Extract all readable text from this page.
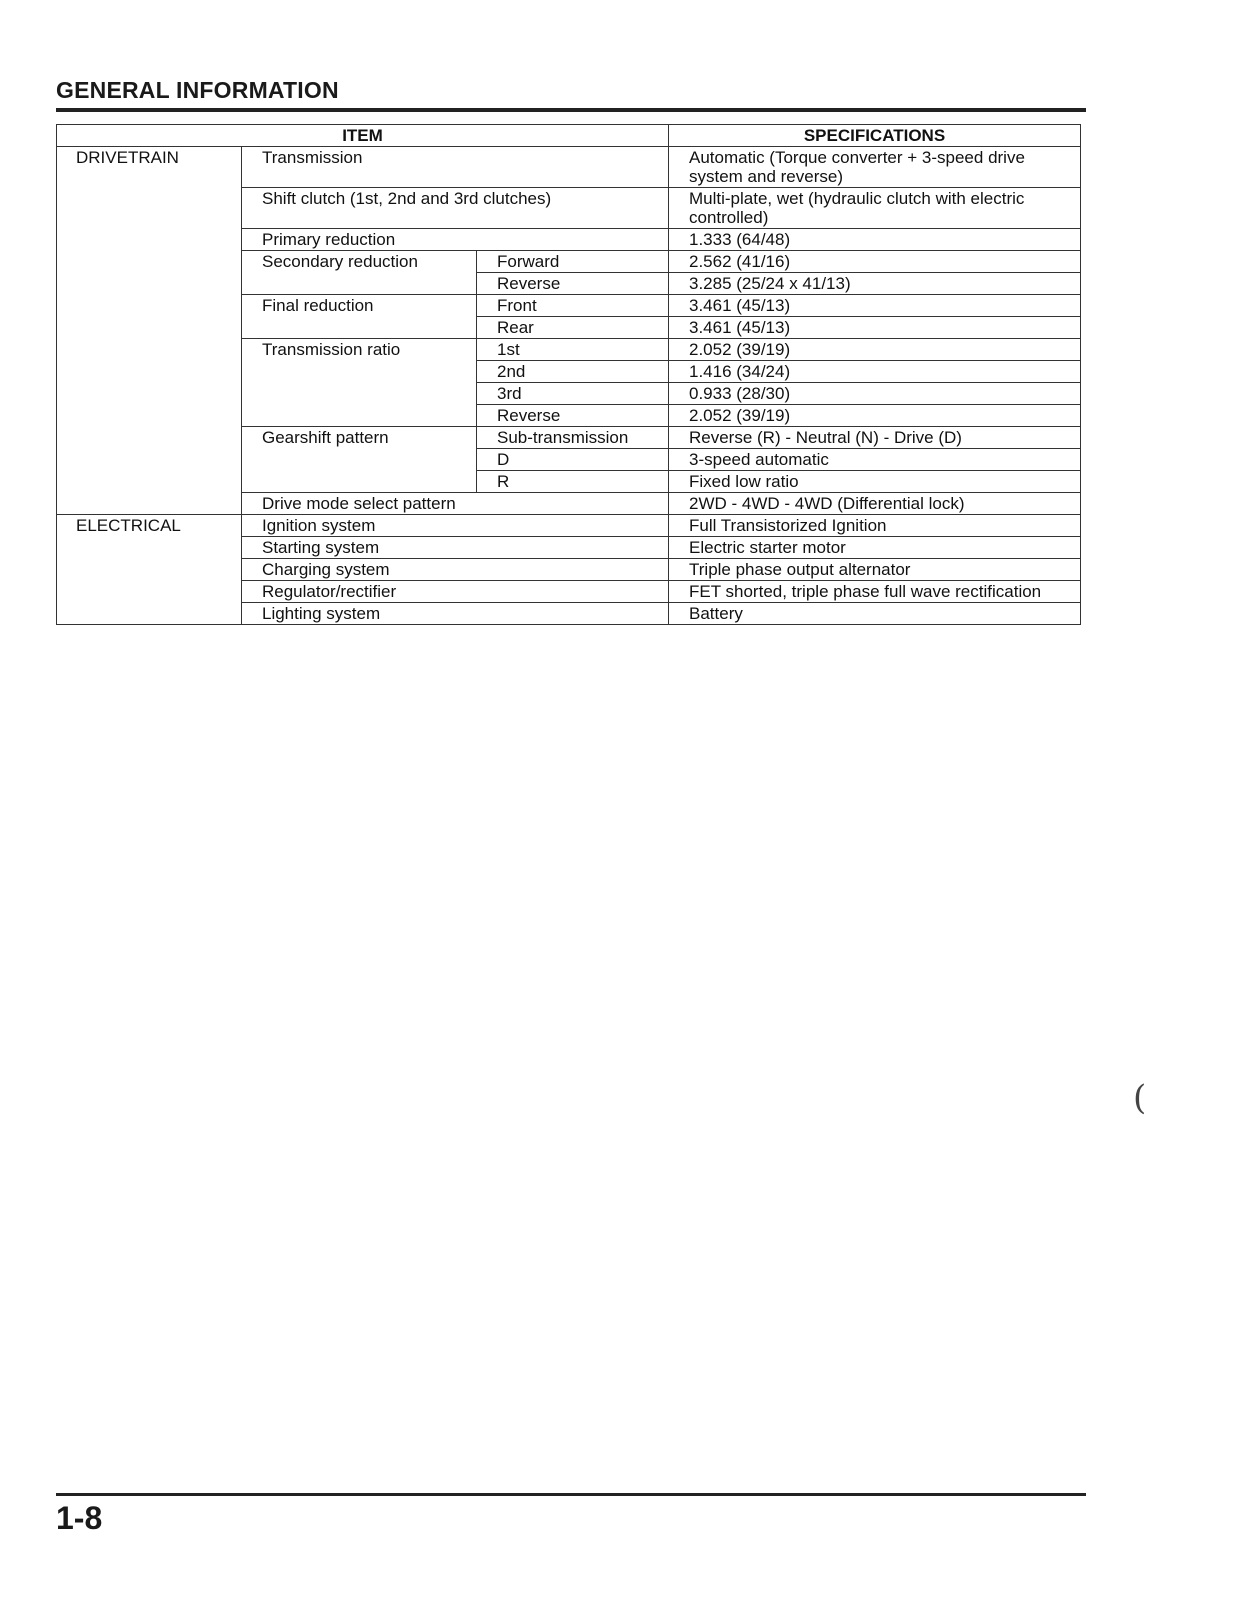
GENERAL INFORMATION
ITEM			SPECIFICATIONS
DRIVETRAIN	Transmission		Automatic (Torque converter + 3-speed drive system and reverse)
	Shift clutch (1st, 2nd and 3rd clutches)		Multi-plate, wet (hydraulic clutch with electric controlled)
	Primary reduction		1.333 (64/48)
	Secondary reduction	Forward	2.562 (41/16)
		Reverse	3.285 (25/24 x 41/13)
	Final reduction	Front	3.461 (45/13)
		Rear	3.461 (45/13)
	Transmission ratio	1st	2.052 (39/19)
		2nd	1.416 (34/24)
		3rd	0.933 (28/30)
		Reverse	2.052 (39/19)
	Gearshift pattern	Sub-transmission	Reverse (R) - Neutral (N) - Drive (D)
		D	3-speed automatic
		R	Fixed low ratio
	Drive mode select pattern		2WD - 4WD - 4WD (Differential lock)
ELECTRICAL	Ignition system		Full Transistorized Ignition
	Starting system		Electric starter motor
	Charging system		Triple phase output alternator
	Regulator/rectifier		FET shorted, triple phase full wave rectification
	Lighting system		Battery
(
1-8
